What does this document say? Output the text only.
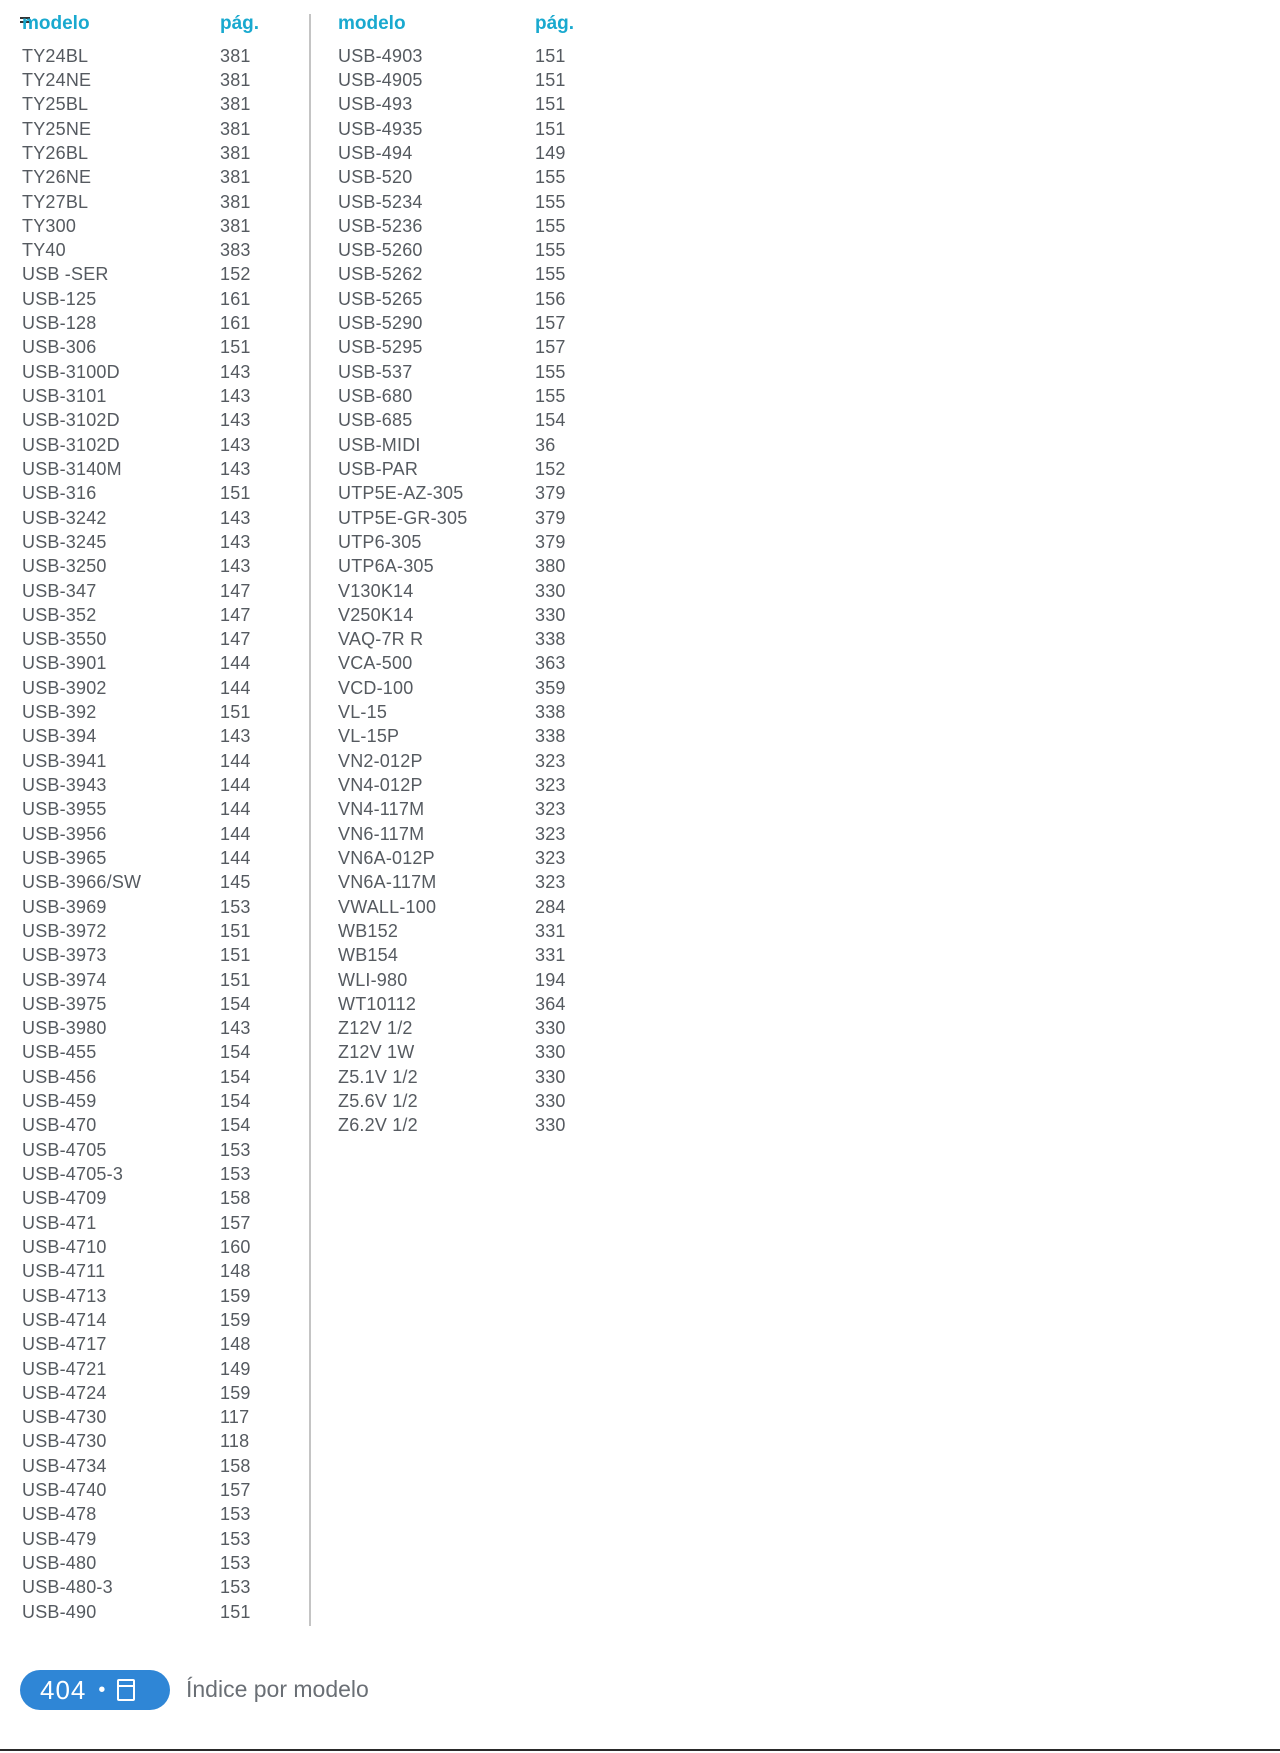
modelo	pág.
TY24BL	381
TY24NE	381
TY25BL	381
TY25NE	381
TY26BL	381
TY26NE	381
TY27BL	381
TY300	381
TY40	383
USB -SER	152
USB-125	161
USB-128	161
USB-306	151
USB-3100D	143
USB-3101	143
USB-3102D	143
USB-3102D	143
USB-3140M	143
USB-316	151
USB-3242	143
USB-3245	143
USB-3250	143
USB-347	147
USB-352	147
USB-3550	147
USB-3901	144
USB-3902	144
USB-392	151
USB-394	143
USB-3941	144
USB-3943	144
USB-3955	144
USB-3956	144
USB-3965	144
USB-3966/SW	145
USB-3969	153
USB-3972	151
USB-3973	151
USB-3974	151
USB-3975	154
USB-3980	143
USB-455	154
USB-456	154
USB-459	154
USB-470	154
USB-4705	153
USB-4705-3	153
USB-4709	158
USB-471	157
USB-4710	160
USB-4711	148
USB-4713	159
USB-4714	159
USB-4717	148
USB-4721	149
USB-4724	159
USB-4730	117
USB-4730	118
USB-4734	158
USB-4740	157
USB-478	153
USB-479	153
USB-480	153
USB-480-3	153
USB-490	151
modelo	pág.
USB-4903	151
USB-4905	151
USB-493	151
USB-4935	151
USB-494	149
USB-520	155
USB-5234	155
USB-5236	155
USB-5260	155
USB-5262	155
USB-5265	156
USB-5290	157
USB-5295	157
USB-537	155
USB-680	155
USB-685	154
USB-MIDI	36
USB-PAR	152
UTP5E-AZ-305	379
UTP5E-GR-305	379
UTP6-305	379
UTP6A-305	380
V130K14	330
V250K14	330
VAQ-7R R	338
VCA-500	363
VCD-100	359
VL-15	338
VL-15P	338
VN2-012P	323
VN4-012P	323
VN4-117M	323
VN6-117M	323
VN6A-012P	323
VN6A-117M	323
VWALL-100	284
WB152	331
WB154	331
WLI-980	194
WT10112	364
Z12V 1/2	330
Z12V 1W	330
Z5.1V 1/2	330
Z5.6V 1/2	330
Z6.2V 1/2	330
404 •	Índice por modelo
